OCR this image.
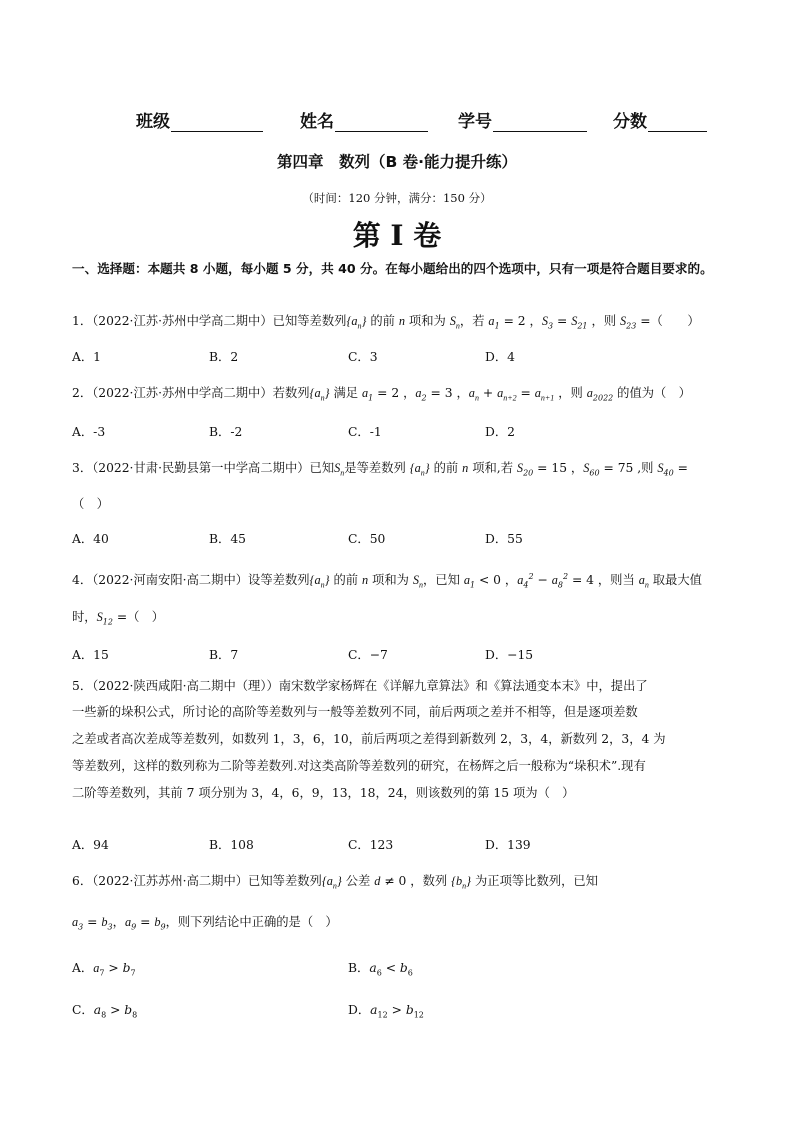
班级	姓名	学号	分数
第四章　数列（B 卷·能力提升练）
（时间：120 分钟，满分：150 分）
第 I 卷
一、选择题：本题共 8 小题，每小题 5 分，共 40 分。在每小题给出的四个选项中，只有一项是符合题目要求的。
1．（2022·江苏·苏州中学高二期中）已知等差数列$\{a_n\}$ 的前 n 项和为 $S_n$，若 $a_1 = 2$ ，$S_3 = S_{21}$ ，则 $S_{23}$ =（　　）
A．1	B．2	C．3	D．4
2．（2022·江苏·苏州中学高二期中）若数列$\{a_n\}$ 满足 $a_1 = 2$ ，$a_2 = 3$ ，$a_n + a_{n+2} = a_{n+1}$ ，则 $a_{2022}$ 的值为（　）
A．-3	B．-2	C．-1	D．2
3．（2022·甘肃·民勤县第一中学高二期中）已知$S_n$是等差数列 $\{a_n\}$ 的前 n 项和,若 $S_{20} = 15$ ，$S_{60} = 75$ ,则 $S_{40}$ =
（　）
A．40	B．45	C．50	D．55
4．（2022·河南安阳·高二期中）设等差数列$\{a_n\}$ 的前 n 项和为 $S_n$，已知 $a_1 < 0$ ，$a_4^2 - a_8^2 = 4$ ，则当 $a_n$ 取最大值
时，$S_{12}$ =（　）
A．15	B．7	C．−7	D．−15
5．（2022·陕西咸阳·高二期中（理））南宋数学家杨辉在《详解九章算法》和《算法通变本末》中，提出了
一些新的垛积公式，所讨论的高阶等差数列与一般等差数列不同，前后两项之差并不相等，但是逐项差数
之差或者高次差成等差数列，如数列 1，3，6，10，前后两项之差得到新数列 2，3，4，新数列 2，3，4 为
等差数列，这样的数列称为二阶等差数列.对这类高阶等差数列的研究，在杨辉之后一般称为“垛积术”.现有
二阶等差数列，其前 7 项分别为 3，4，6，9，13，18，24，则该数列的第 15 项为（　）
A．94	B．108	C．123	D．139
6．（2022·江苏苏州·高二期中）已知等差数列$\{a_n\}$ 公差 d ≠ 0 ，数列 $\{b_n\}$ 为正项等比数列，已知
$a_3 = b_3$，$a_9 = b_9$，则下列结论中正确的是（　）
A．$a_7 > b_7$	B．$a_6 < b_6$
C．$a_8 > b_8$	D．$a_{12} > b_{12}$
